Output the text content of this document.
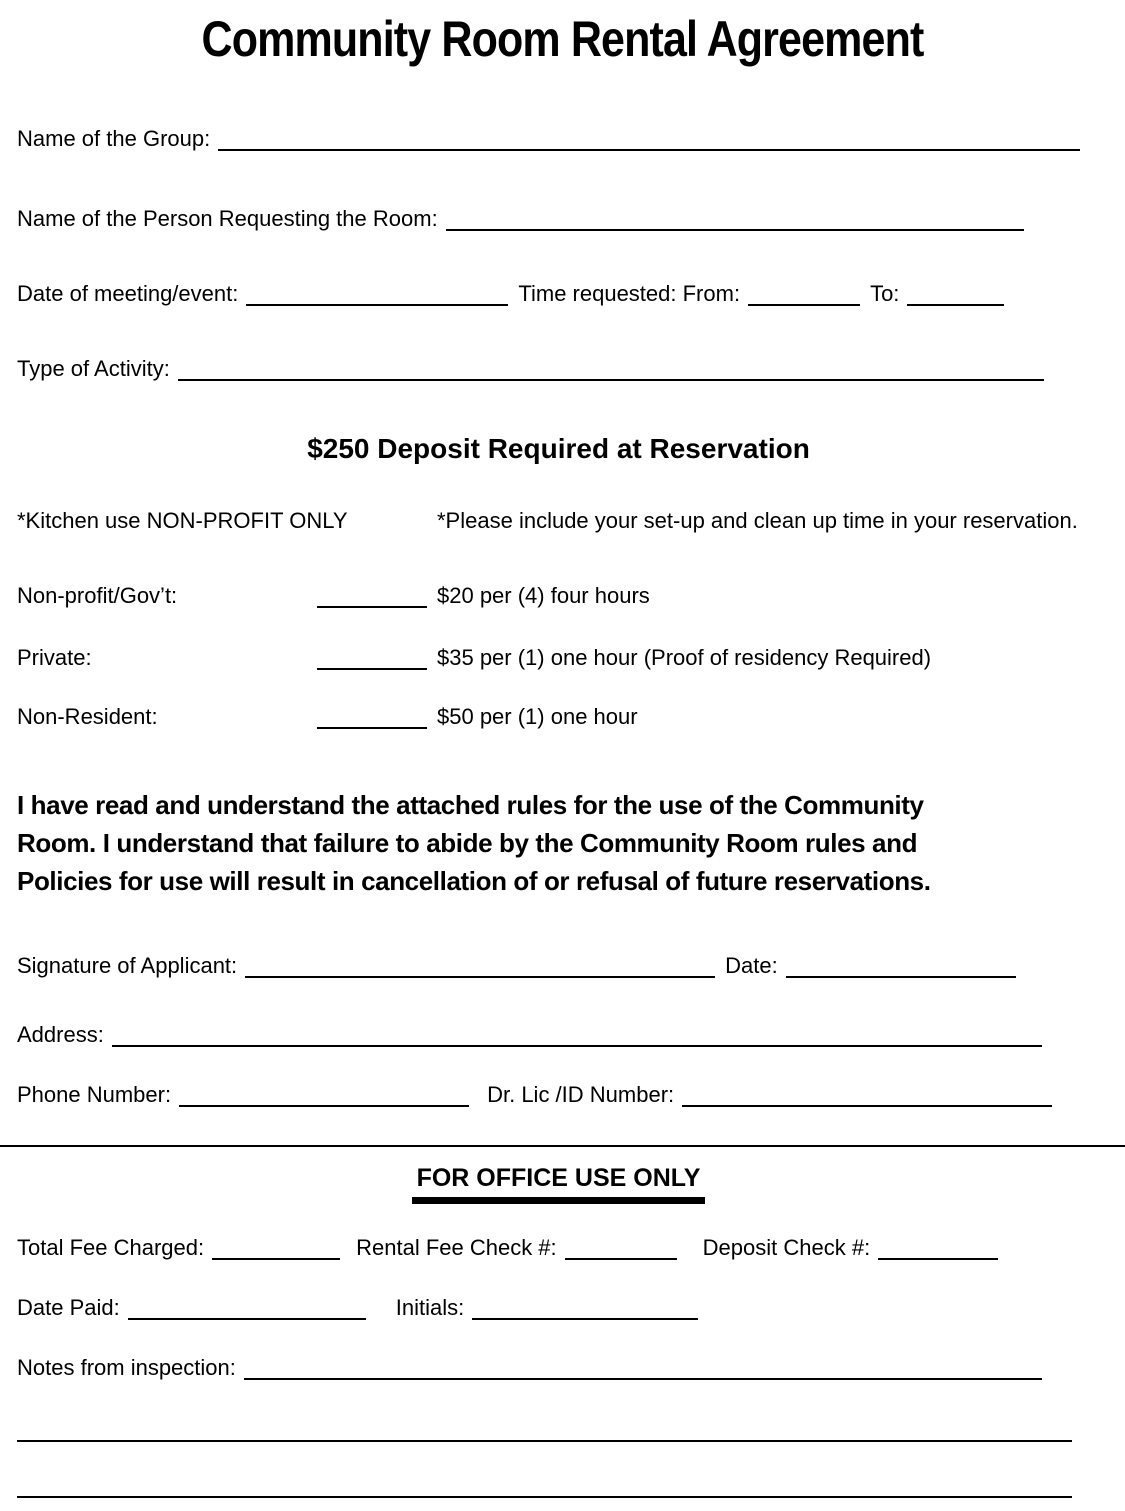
Community Room Rental Agreement
Name of the Group:
Name of the Person Requesting the Room:
Date of meeting/event:	Time requested: From:	To:
Type of Activity:
$250 Deposit Required at Reservation
*Kitchen use NON-PROFIT ONLY	*Please include your set-up and clean up time in your reservation.
Non-profit/Gov’t:	$20 per (4) four hours
Private:	$35 per (1) one hour (Proof of residency Required)
Non-Resident:	$50 per (1) one hour
I have read and understand the attached rules for the use of the Community
Room. I understand that failure to abide by the Community Room rules and
Policies for use will result in cancellation of or refusal of future reservations.
Signature of Applicant:	Date:
Address:
Phone Number:	Dr. Lic /ID Number:
FOR OFFICE USE ONLY
Total Fee Charged:	Rental Fee Check #:	Deposit Check #:
Date Paid:	Initials:
Notes from inspection:
